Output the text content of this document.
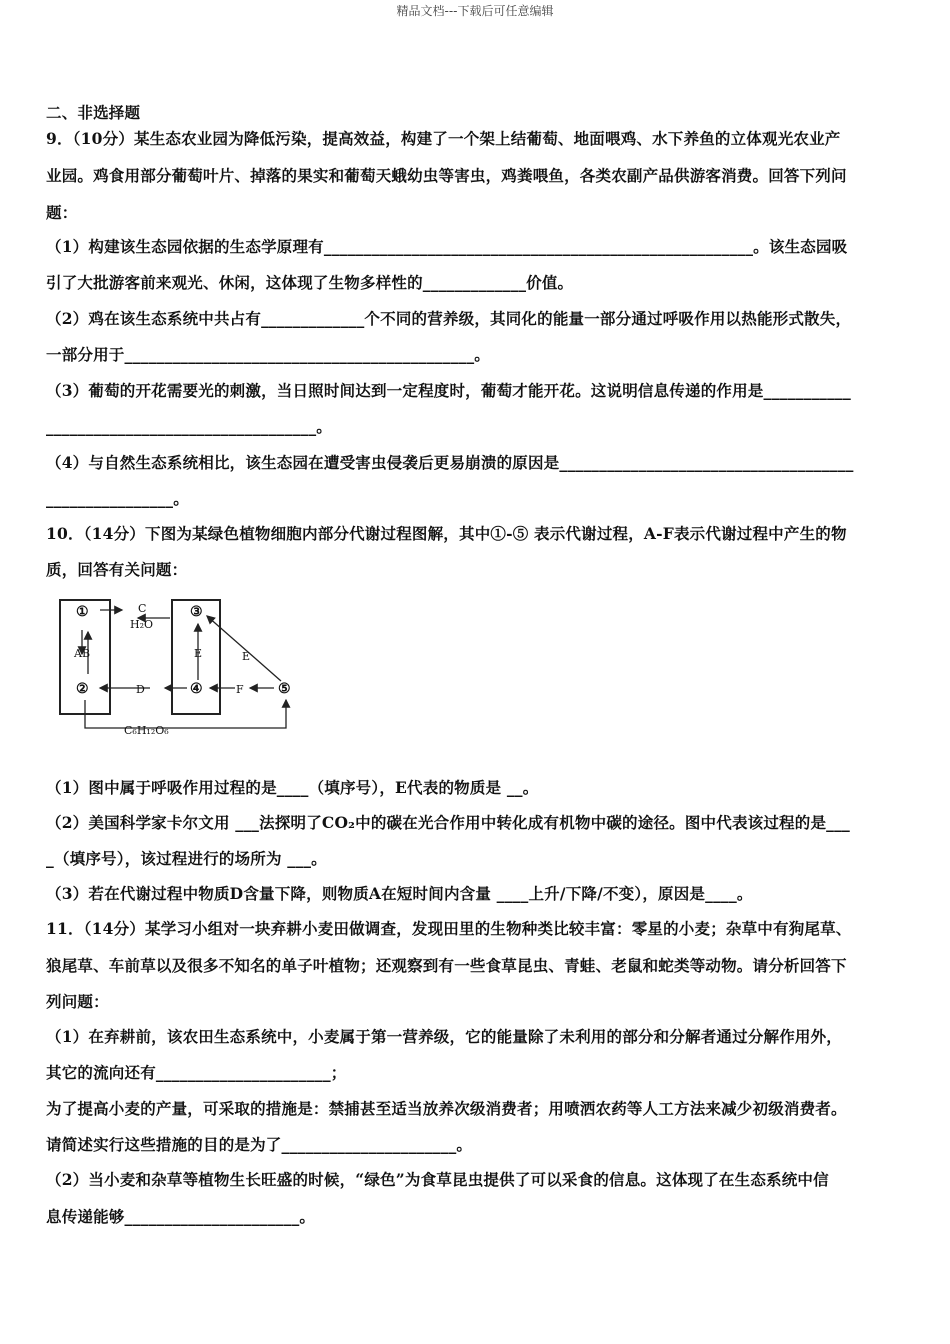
精品文档---下载后可任意编辑
二、非选择题
9．（10分）某生态农业园为降低污染，提高效益，构建了一个架上结葡萄、地面喂鸡、水下养鱼的立体观光农业产
业园。鸡食用部分葡萄叶片、掉落的果实和葡萄天蛾幼虫等害虫，鸡粪喂鱼，各类农副产品供游客消费。回答下列问
题：
（1）构建该生态园依据的生态学原理有______________________________________________________。该生态园吸
引了大批游客前来观光、休闲，这体现了生物多样性的_____________价值。
（2）鸡在该生态系统中共占有_____________个不同的营养级，其同化的能量一部分通过呼吸作用以热能形式散失，
一部分用于____________________________________________。
（3）葡萄的开花需要光的刺激，当日照时间达到一定程度时，葡萄才能开花。这说明信息传递的作用是___________
__________________________________。
（4）与自然生态系统相比，该生态园在遭受害虫侵袭后更易崩溃的原因是_____________________________________
________________。
10．（14分）下图为某绿色植物细胞内部分代谢过程图解，其中①-⑤ 表示代谢过程，A-F表示代谢过程中产生的物
质，回答有关问题：
①
②
③
④	⑤
C
H₂O
AB	E	E
D	F
C₆H₁₂O₆
（1）图中属于呼吸作用过程的是____（填序号），E代表的物质是 __。
（2）美国科学家卡尔文用 ___法探明了CO₂中的碳在光合作用中转化成有机物中碳的途径。图中代表该过程的是___
_（填序号），该过程进行的场所为 ___。
（3）若在代谢过程中物质D含量下降，则物质A在短时间内含量 ____上升/下降/不变），原因是____。
11．（14分）某学习小组对一块弃耕小麦田做调查，发现田里的生物种类比较丰富：零星的小麦；杂草中有狗尾草、
狼尾草、车前草以及很多不知名的单子叶植物；还观察到有一些食草昆虫、青蛙、老鼠和蛇类等动物。请分析回答下
列问题：
（1）在弃耕前，该农田生态系统中，小麦属于第一营养级，它的能量除了未利用的部分和分解者通过分解作用外，
其它的流向还有______________________；
为了提高小麦的产量，可采取的措施是：禁捕甚至适当放养次级消费者；用喷洒农药等人工方法来减少初级消费者。
请简述实行这些措施的目的是为了______________________。
（2）当小麦和杂草等植物生长旺盛的时候，“绿色”为食草昆虫提供了可以采食的信息。这体现了在生态系统中信
息传递能够______________________。
